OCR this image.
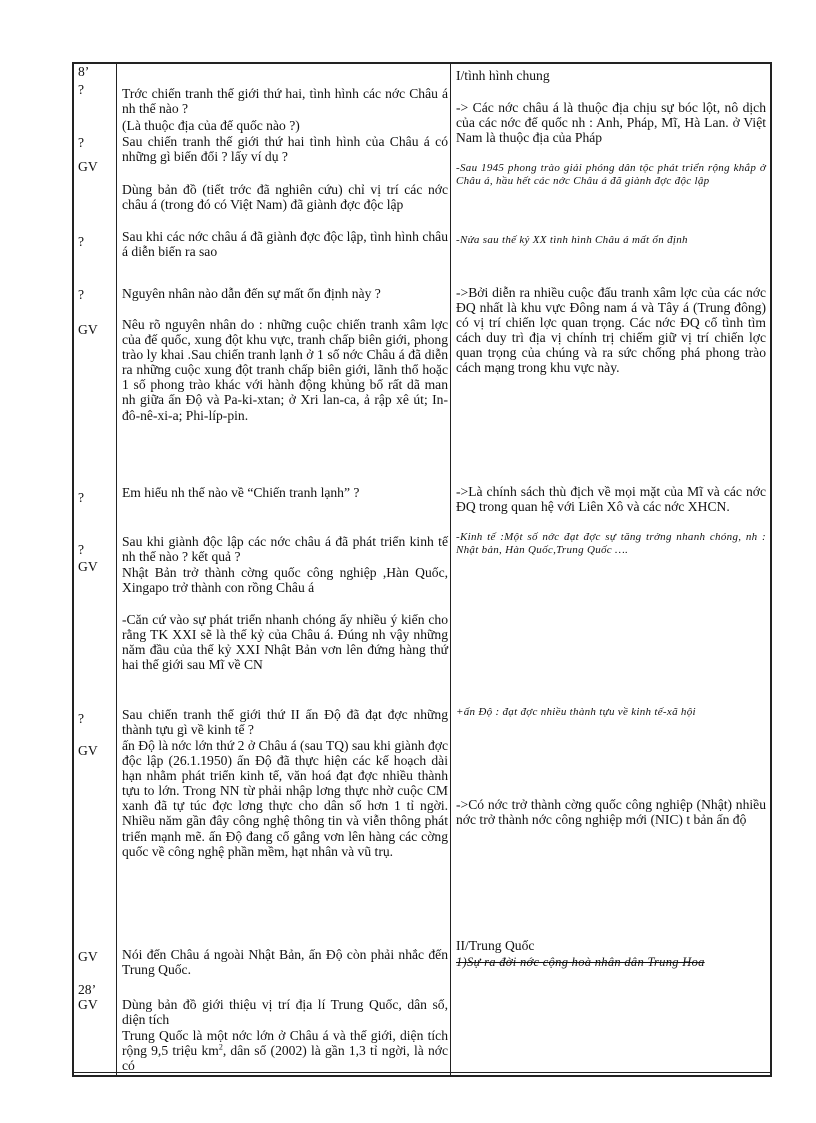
8’
?
?
GV
?
?
GV
?
?
GV
?
GV
GV
28’
GV
Trớc chiến tranh thế giới thứ hai, tình hình các nớc Châu á nh thế nào ?
(Là thuộc địa của đế quốc nào ?)
Sau chiến tranh thế giới thứ hai tình hình của Châu á có những gì biến đổi ? lấy ví dụ ?
Dùng bản đồ (tiết trớc đã nghiên cứu) chỉ vị trí các nớc châu á (trong đó có Việt Nam) đã giành đợc độc lập
Sau khi các nớc châu á đã giành đợc độc lập, tình hình châu á diễn biến ra sao
Nguyên nhân nào dẫn đến sự mất ổn định này ?
Nêu rõ nguyên nhân do : những cuộc chiến tranh xâm lợc của đế quốc, xung đột khu vực, tranh chấp biên giới, phong trào ly khai .Sau chiến tranh lạnh ở 1 số nớc Châu á đã diễn ra những cuộc xung đột tranh chấp biên giới, lãnh thổ hoặc 1 số phong trào khác với hành động khủng bố rất dã man nh giữa ấn Độ và Pa-ki-xtan; ở Xri lan-ca, ả rập xê út; In-đô-nê-xi-a; Phi-líp-pin.
Em hiểu nh thế nào về “Chiến tranh lạnh” ?
Sau khi giành độc lập các nớc châu á đã phát triển kinh tế nh thế nào ? kết quả ?
Nhật Bản trở thành cờng quốc công nghiệp ,Hàn Quốc, Xingapo trở thành con rồng Châu á
-Căn cứ vào sự phát triển nhanh chóng ấy nhiều ý kiến cho rằng TK XXI sẽ là thế kỷ của Châu á. Đúng nh vậy những năm đầu của thế kỷ XXI Nhật Bản vơn lên đứng hàng thứ hai thế giới sau Mĩ về CN
Sau chiến tranh thế giới thứ II ấn Độ đã đạt đợc những thành tựu gì về kinh tế ?
ấn Độ là nớc lớn thứ 2 ở Châu á (sau TQ) sau khi giành đợc độc lập (26.1.1950) ấn Độ đã thực hiện các kế hoạch dài hạn nhằm phát triển kinh tế, văn hoá đạt đợc nhiều thành tựu to lớn. Trong NN từ phải nhập lơng thực nhờ cuộc CM xanh đã tự túc đợc lơng thực cho dân số hơn 1 tỉ ngời. Nhiều năm gần đây công nghệ thông tin và viễn thông phát triển mạnh mẽ. ấn Độ đang cố gắng vơn lên hàng các cờng quốc về công nghệ phần mềm, hạt nhân và vũ trụ.
Nói đến Châu á ngoài Nhật Bản, ấn Độ còn phải nhắc đến Trung Quốc.
Dùng bản đồ giới thiệu vị trí địa lí Trung Quốc, dân số, diện tích
Trung Quốc là một nớc lớn ở Châu á và thế giới, diện tích rộng 9,5 triệu $km^2$, dân số (2002) là gần 1,3 tỉ ngời, là nớc có
I/tình hình chung
-> Các nớc châu á là thuộc địa chịu sự bóc lột, nô dịch của các nớc đế quốc nh : Anh, Pháp, Mĩ, Hà Lan. ở Việt Nam là thuộc địa của Pháp
-Sau 1945 phong trào giải phóng dân tộc phát triển rộng khắp ở Châu á, hầu hết các nớc Châu á đã giành đợc độc lập
-Nửa sau thế kỷ XX tình hình Châu á mất ổn định
->Bởi diễn ra nhiều cuộc đấu tranh xâm lợc của các nớc ĐQ nhất là khu vực Đông nam á và Tây á (Trung đông) có vị trí chiến lợc quan trọng. Các nớc ĐQ cố tình tìm cách duy trì địa vị chính trị chiếm giữ vị trí chiến lợc quan trọng của chúng và ra sức chống phá phong trào cách mạng trong khu vực này.
->Là chính sách thù địch về mọi mặt của Mĩ và các nớc ĐQ trong quan hệ với Liên Xô và các nớc XHCN.
-Kinh tế :Một số nớc đạt đợc sự tăng trởng nhanh chóng, nh : Nhật bản, Hàn Quốc,Trung Quốc ….
+ấn Độ : đạt đợc nhiều thành tựu về kinh tế-xã hội
->Có nớc trở thành cờng quốc công nghiệp (Nhật) nhiều nớc trở thành nớc công nghiệp mới (NIC) t bản ấn độ
II/Trung Quốc
1)Sự ra đời nớc cộng hoà nhân dân Trung Hoa
